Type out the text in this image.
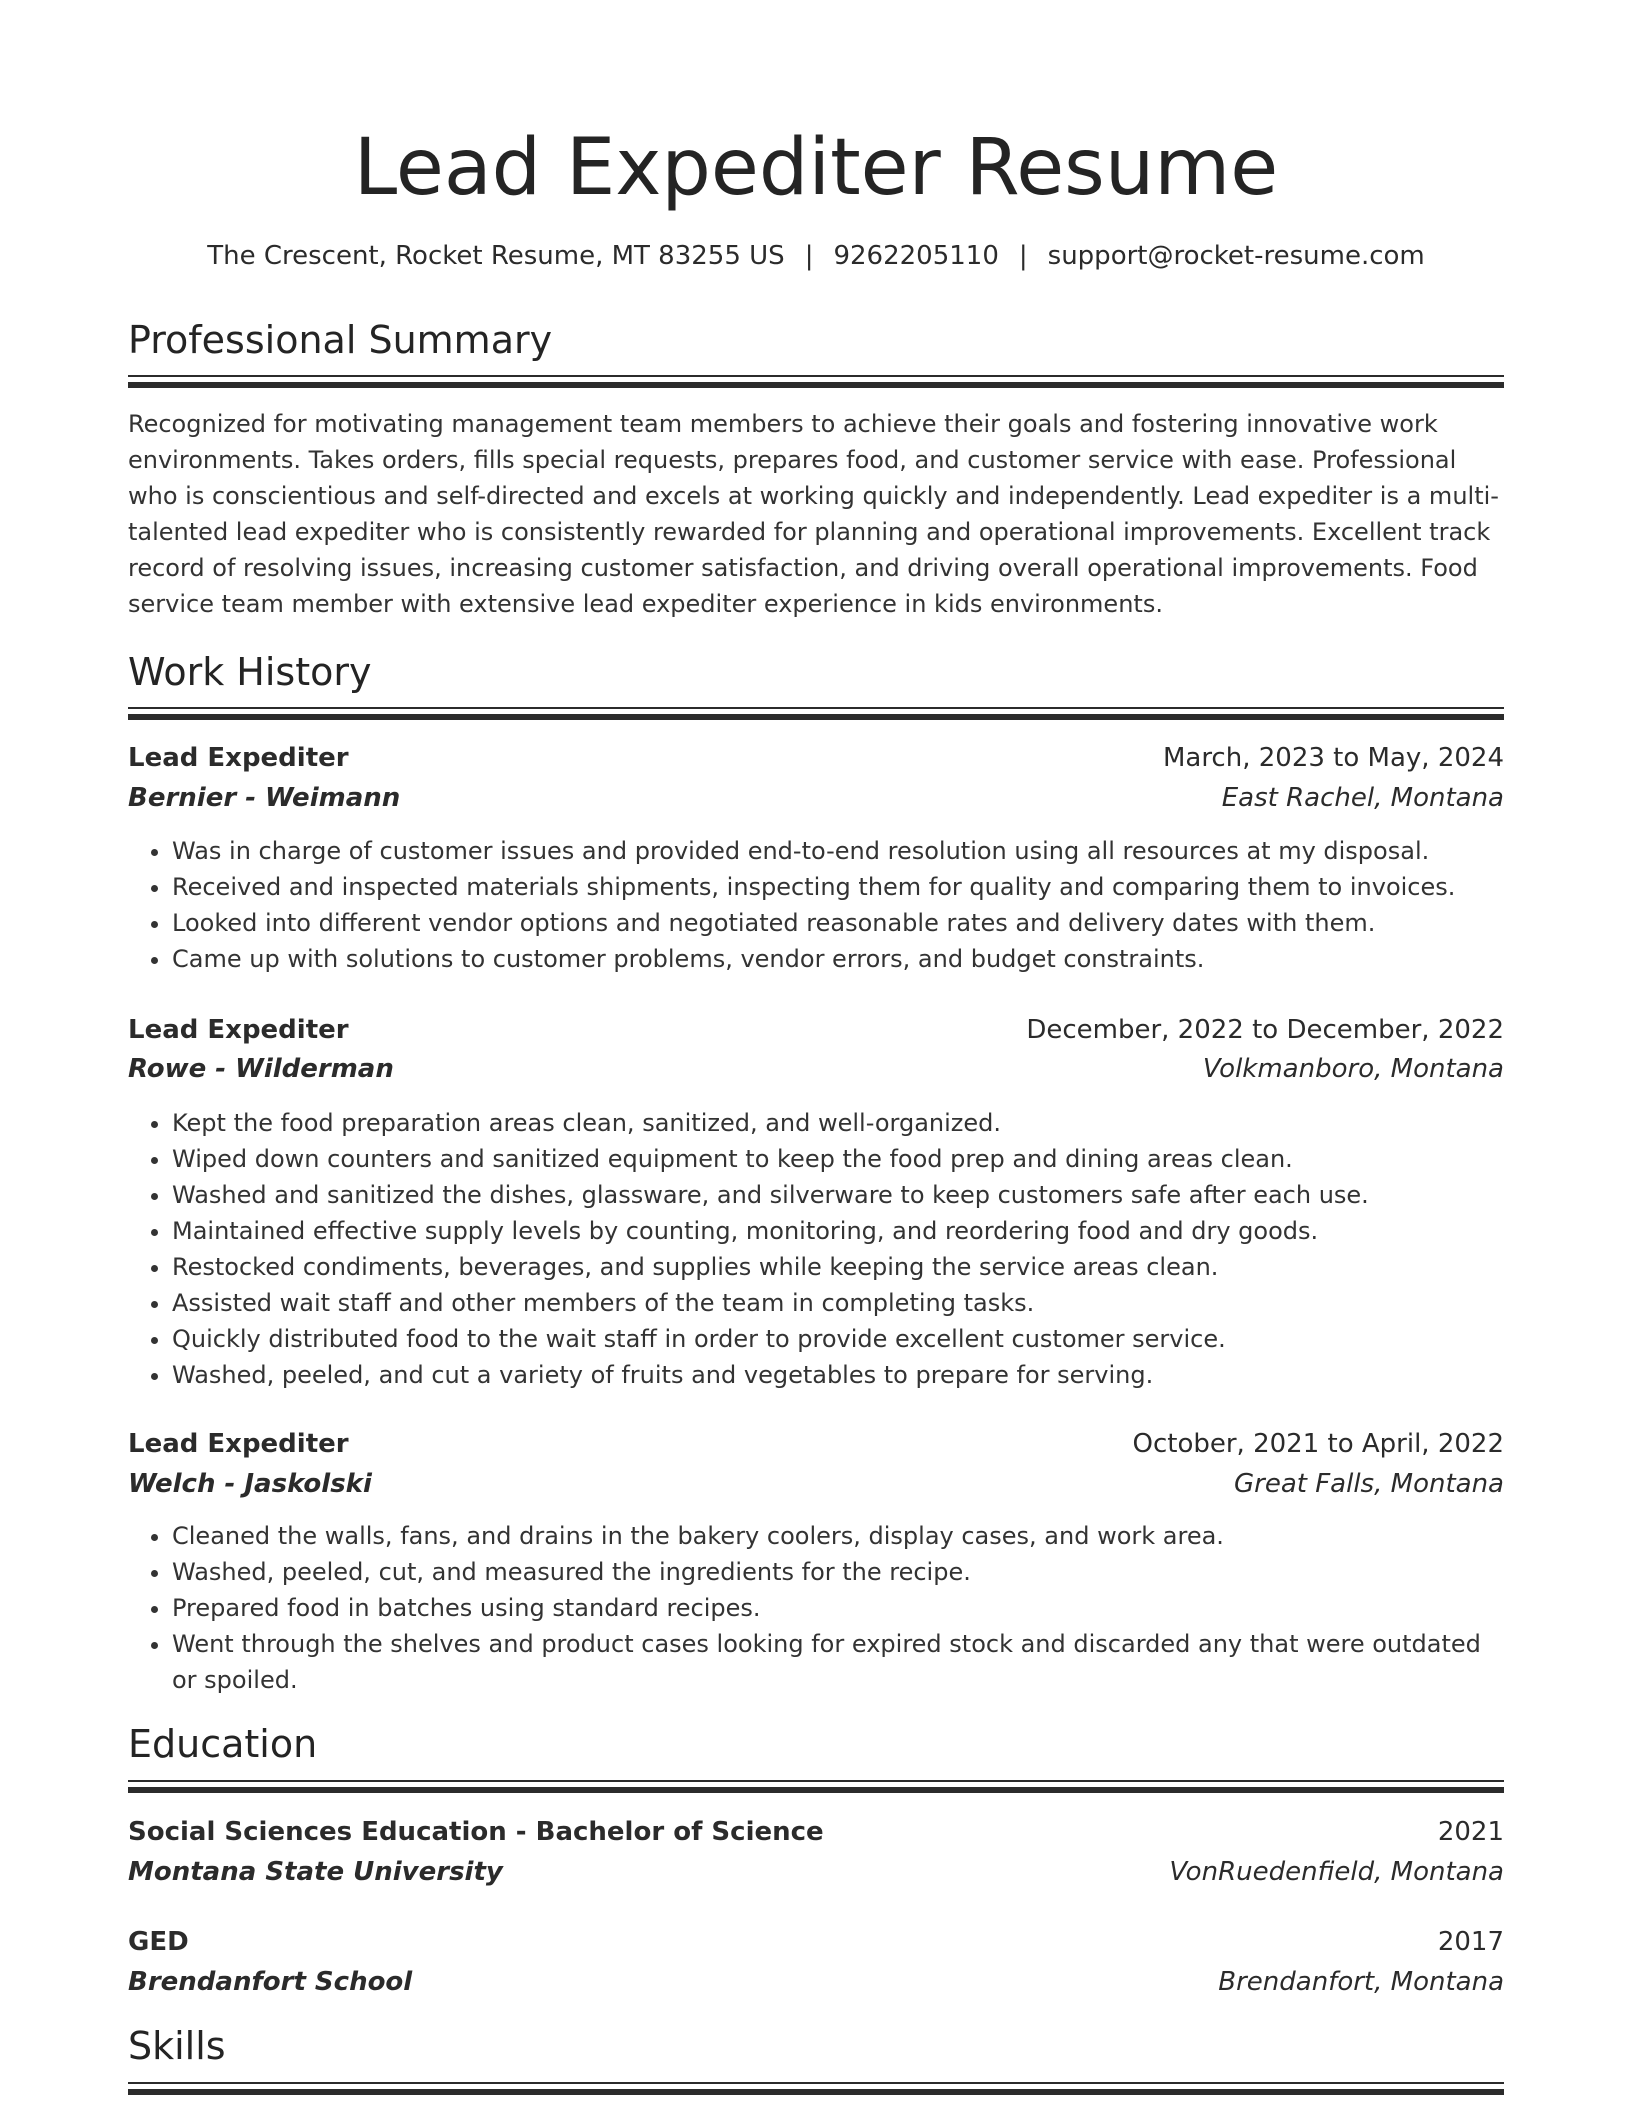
Lead Expediter Resume
The Crescent, Rocket Resume, MT 83255 US | 9262205110 | support@rocket-resume.com
Professional Summary

Recognized for motivating management team members to achieve their goals and fostering innovative work environments. Takes orders, fills special requests, prepares food, and customer service with ease. Professional who is conscientious and self-directed and excels at working quickly and independently. Lead expediter is a multi-talented lead expediter who is consistently rewarded for planning and operational improvements. Excellent track record of resolving issues, increasing customer satisfaction, and driving overall operational improvements. Food service team member with extensive lead expediter experience in kids environments.

Work History
Lead Expediter	March, 2023 to May, 2024
Bernier - Weimann	East Rachel, Montana
• Was in charge of customer issues and provided end-to-end resolution using all resources at my disposal.
• Received and inspected materials shipments, inspecting them for quality and comparing them to invoices.
• Looked into different vendor options and negotiated reasonable rates and delivery dates with them.
• Came up with solutions to customer problems, vendor errors, and budget constraints.
Lead Expediter	December, 2022 to December, 2022
Rowe - Wilderman	Volkmanboro, Montana
• Kept the food preparation areas clean, sanitized, and well-organized.
• Wiped down counters and sanitized equipment to keep the food prep and dining areas clean.
• Washed and sanitized the dishes, glassware, and silverware to keep customers safe after each use.
• Maintained effective supply levels by counting, monitoring, and reordering food and dry goods.
• Restocked condiments, beverages, and supplies while keeping the service areas clean.
• Assisted wait staff and other members of the team in completing tasks.
• Quickly distributed food to the wait staff in order to provide excellent customer service.
• Washed, peeled, and cut a variety of fruits and vegetables to prepare for serving.
Lead Expediter	October, 2021 to April, 2022
Welch - Jaskolski	Great Falls, Montana
• Cleaned the walls, fans, and drains in the bakery coolers, display cases, and work area.
• Washed, peeled, cut, and measured the ingredients for the recipe.
• Prepared food in batches using standard recipes.
• Went through the shelves and product cases looking for expired stock and discarded any that were outdated or spoiled.
Education
Social Sciences Education - Bachelor of Science	2021
Montana State University	VonRuedenfield, Montana
GED	2017
Brendanfort School	Brendanfort, Montana
Skills
